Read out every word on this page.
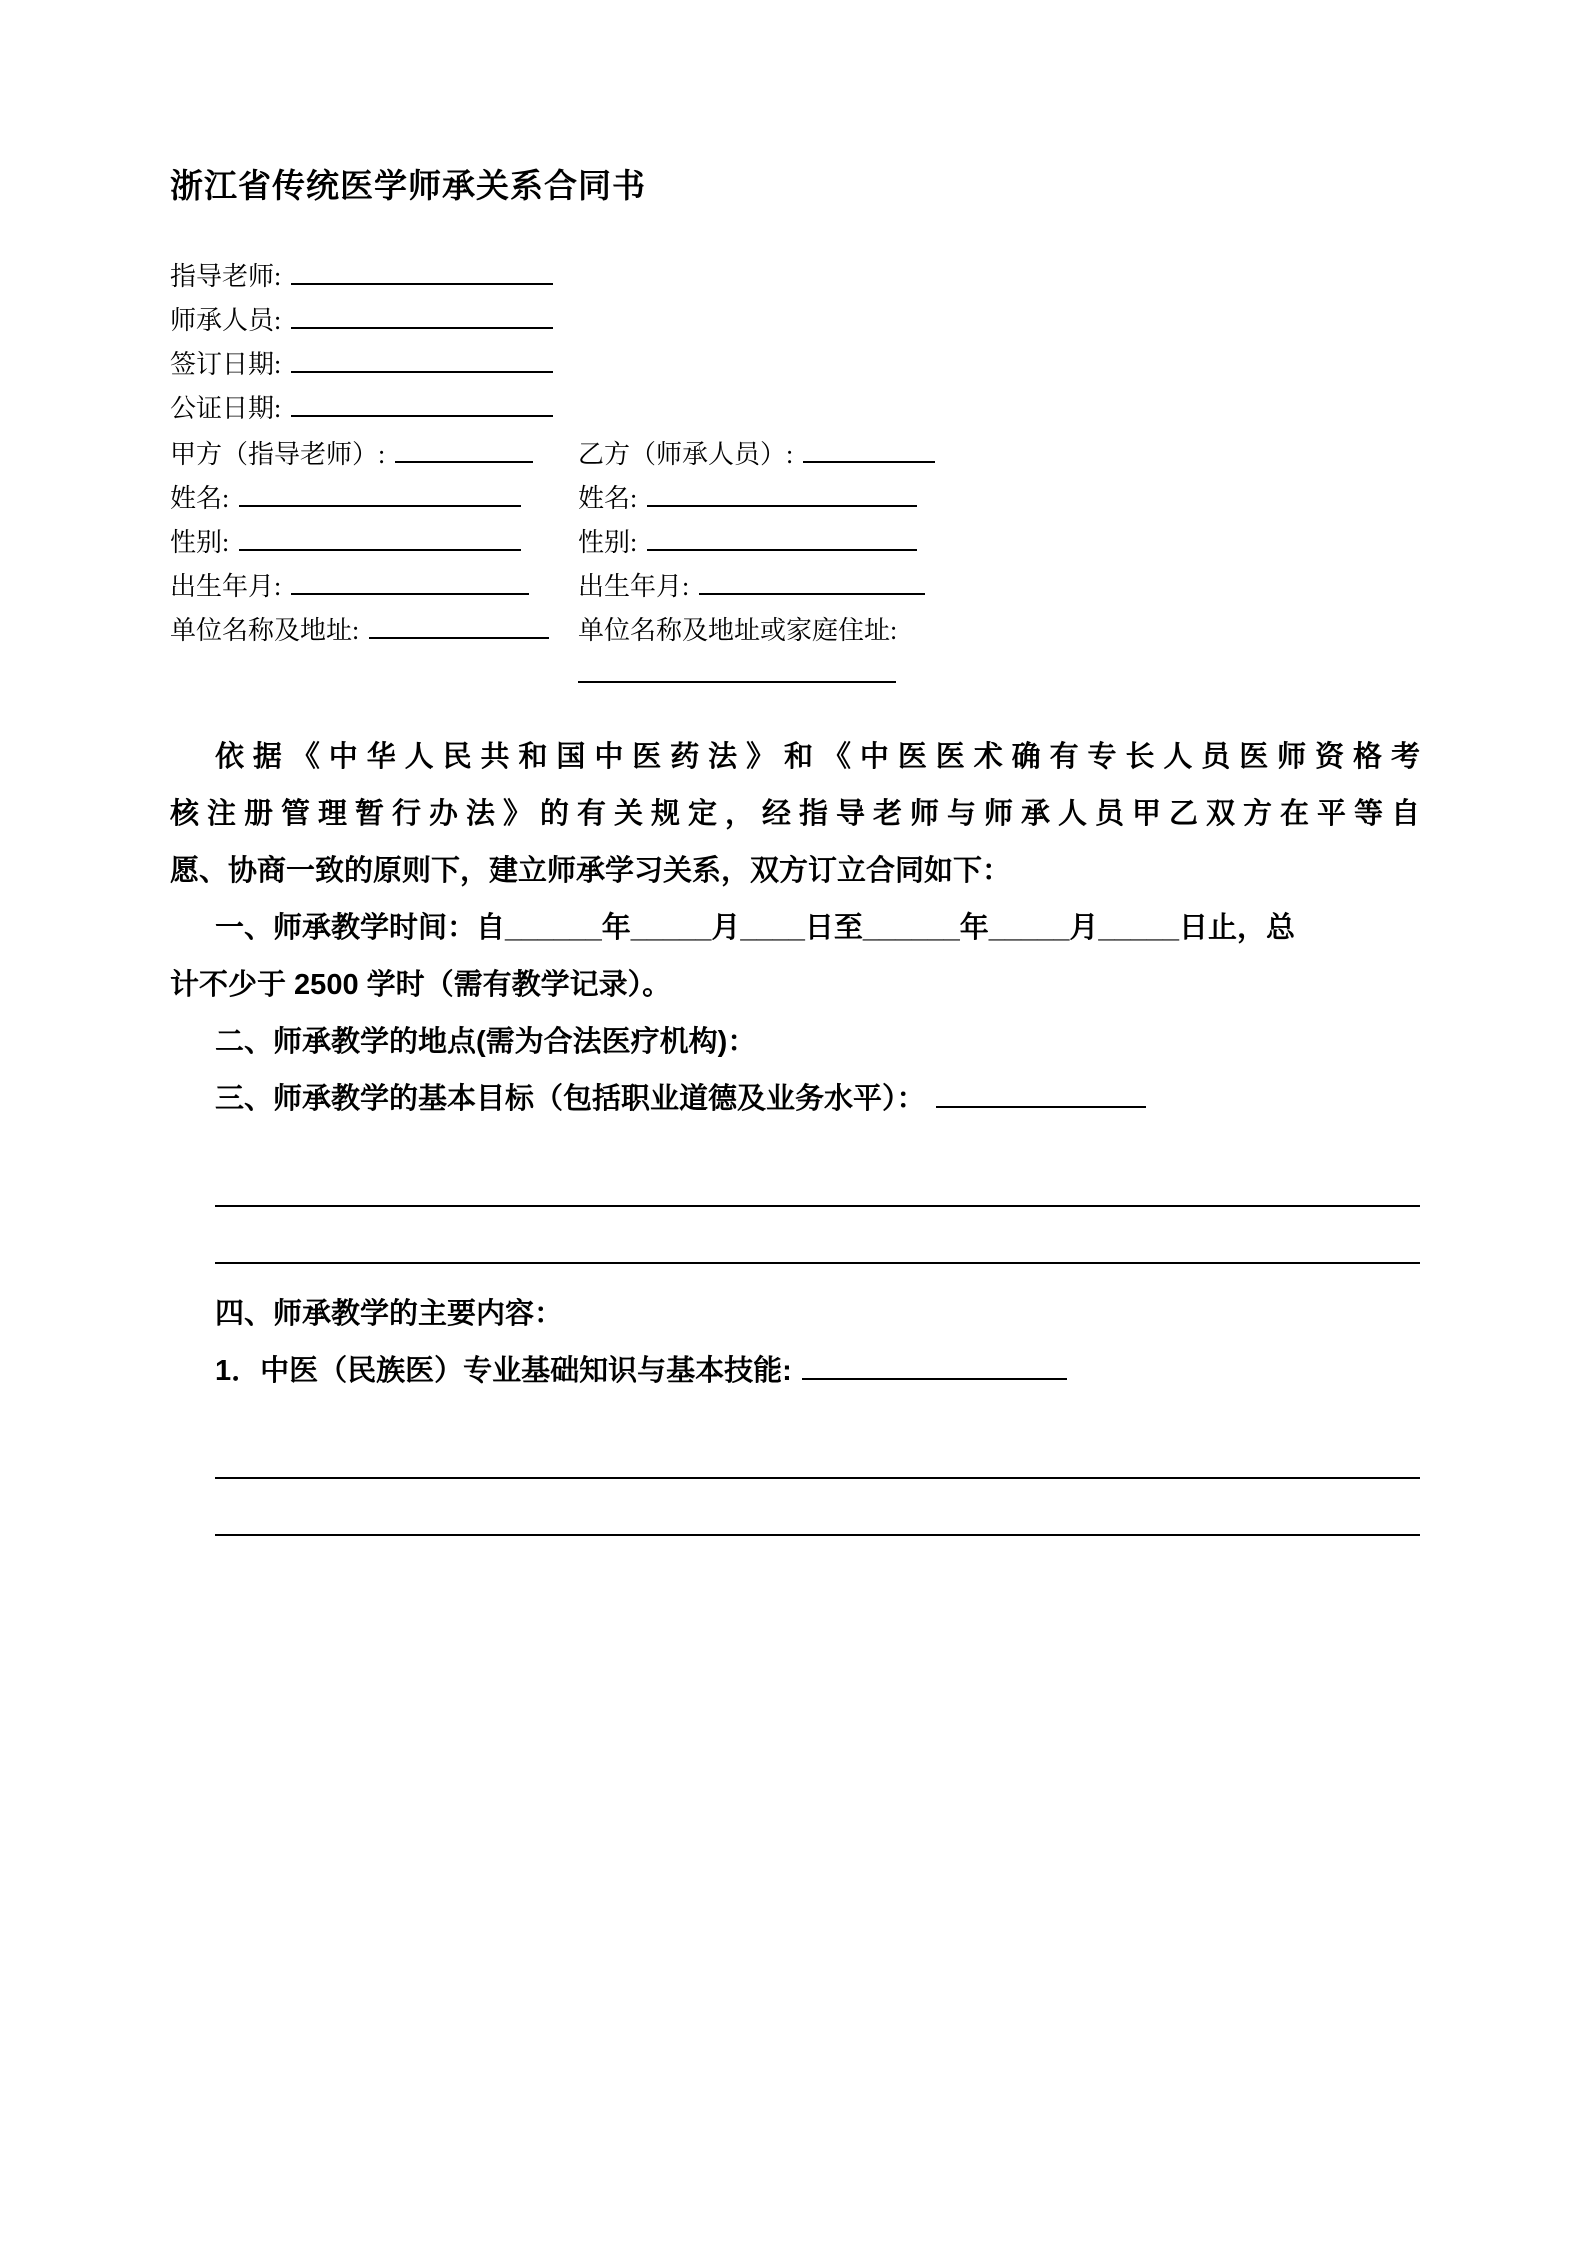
浙江省传统医学师承关系合同书
指导老师:
师承人员:
签订日期:
公证日期:
甲方（指导老师）:	乙方（师承人员）:
姓名:	姓名:
性别:	性别:
出生年月:	出生年月:
单位名称及地址:	单位名称及地址或家庭住址:
依据《中华人民共和国中医药法》和《中医医术确有专长人员医师资格考
核注册管理暂行办法》的有关规定，经指导老师与师承人员甲乙双方在平等自
愿、协商一致的原则下，建立师承学习关系，双方订立合同如下：
一、师承教学时间：自______年_____月____日至______年_____月_____日止，总
计不少于 2500 学时（需有教学记录）。
二、师承教学的地点(需为合法医疗机构)：
三、师承教学的基本目标（包括职业道德及业务水平）：
四、师承教学的主要内容：
1．中医（民族医）专业基础知识与基本技能:
